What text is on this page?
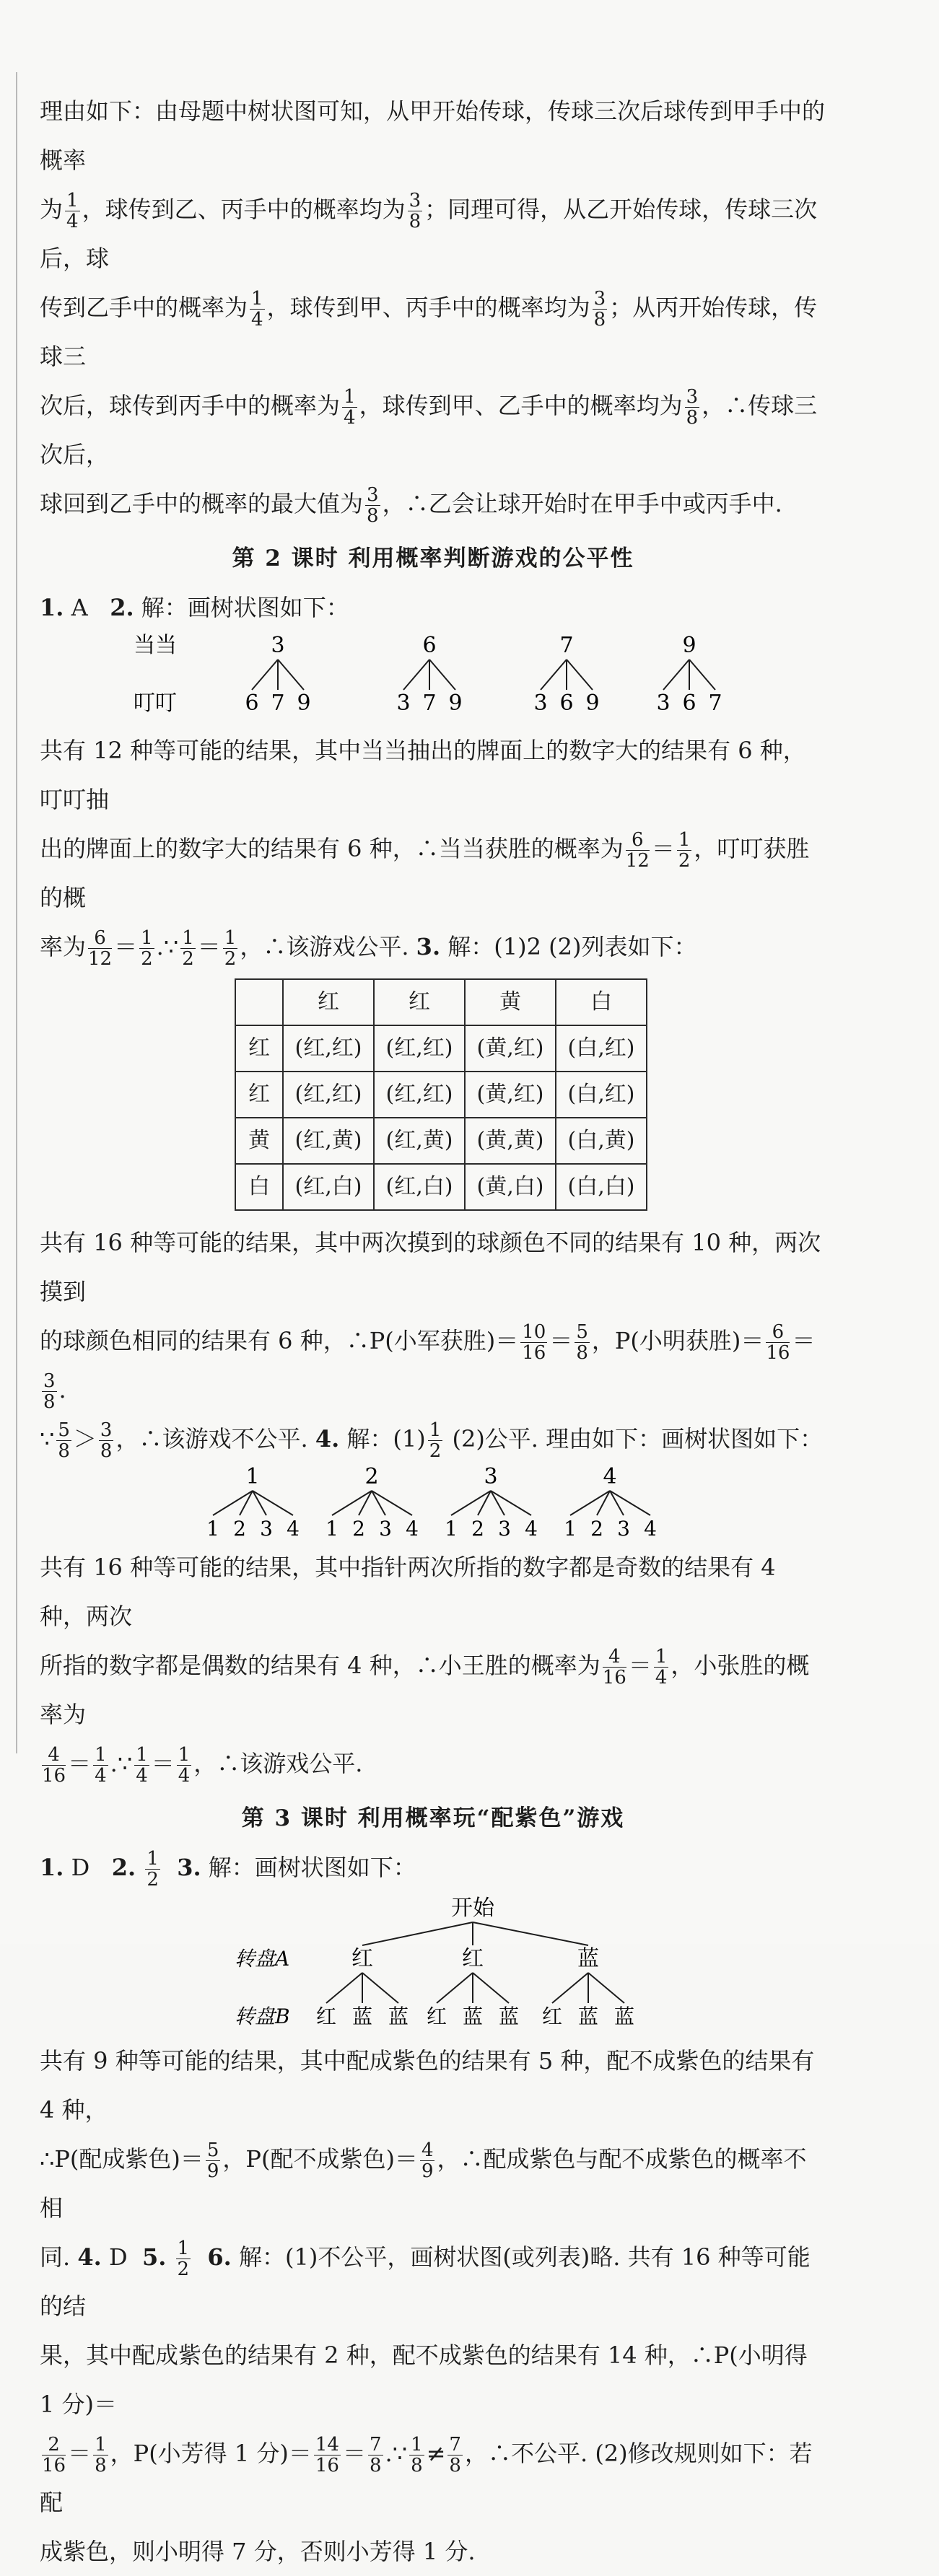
理由如下：由母题中树状图可知，从甲开始传球，传球三次后球传到甲手中的概率

为 $\frac{1}{4}$ ，球传到乙、丙手中的概率均为 $\frac{3}{8}$ ；同理可得，从乙开始传球，传球三次后，球

传到乙手中的概率为 $\frac{1}{4}$ ，球传到甲、丙手中的概率均为 $\frac{3}{8}$ ；从丙开始传球，传球三

次后，球传到丙手中的概率为 $\frac{1}{4}$ ，球传到甲、乙手中的概率均为 $\frac{3}{8}$ ，∴传球三次后，

球回到乙手中的概率的最大值为 $\frac{3}{8}$ ，∴乙会让球开始时在甲手中或丙手中.

第 2 课时 利用概率判断游戏的公平性

1. A 2. 解：画树状图如下：

当当
叮叮
3
6 7 9
6
3 7 9
7
3 6 9
9
3 6 7

共有 12 种等可能的结果，其中当当抽出的牌面上的数字大的结果有 6 种，叮叮抽

出的牌面上的数字大的结果有 6 种，∴当当获胜的概率为 $\frac{6}{12} = \frac{1}{2}$ ，叮叮获胜的概

率为 $\frac{6}{12} = \frac{1}{2}$ .∵ $\frac{1}{2} = \frac{1}{2}$ ，∴该游戏公平. 3. 解：(1)2 (2)列表如下：

	红	红	黄	白
红	(红,红)	(红,红)	(黄,红)	(白,红)
红	(红,红)	(红,红)	(黄,红)	(白,红)
黄	(红,黄)	(红,黄)	(黄,黄)	(白,黄)
白	(红,白)	(红,白)	(黄,白)	(白,白)

共有 16 种等可能的结果，其中两次摸到的球颜色不同的结果有 10 种，两次摸到

的球颜色相同的结果有 6 种，∴P(小军获胜)＝ $\frac{10}{16} = \frac{5}{8}$ ，P(小明获胜)＝ $\frac{6}{16}$ ＝
$\frac{3}{8}$ .

∵ $\frac{5}{8} > \frac{3}{8}$ ，∴该游戏不公平. 4. 解：$(1) \frac{1}{2} (2)$公平. 理由如下：画树状图如下：

1
1 2 3 4
2
1 2 3 4
3
1 2 3 4
4
1 2 3 4

共有 16 种等可能的结果，其中指针两次所指的数字都是奇数的结果有 4 种，两次

所指的数字都是偶数的结果有 4 种，∴小王胜的概率为 $\frac{4}{16} = \frac{1}{4}$ ，小张胜的概率为

$\frac{4}{16} = \frac{1}{4}$ .∵ $\frac{1}{4} = \frac{1}{4}$ ，∴该游戏公平.

第 3 课时 利用概率玩“配紫色”游戏

1. D 2. $\frac{1}{2} 3$. 解：画树状图如下：

开始
转盘A
转盘B
红
红 蓝 蓝
红
红 蓝 蓝
蓝
红 蓝 蓝

共有 9 种等可能的结果，其中配成紫色的结果有 5 种，配不成紫色的结果有 4 种，

∴P(配成紫色)＝ $\frac{5}{9}$ ，P(配不成紫色)＝ $\frac{4}{9}$ ，∴配成紫色与配不成紫色的概率不相

同. 4. D 5. $\frac{1}{2} 6$. 解：(1)不公平，画树状图(或列表)略. 共有 16 种等可能的结

果，其中配成紫色的结果有 2 种，配不成紫色的结果有 14 种，∴P(小明得 1 分)＝

$\frac{2}{16} = \frac{1}{8}$ ，P(小芳得 1 分)＝ $\frac{14}{16} = \frac{7}{8}$ .∵ $\frac{1}{8} \ne \frac{7}{8}$ ，∴不公平. (2)修改规则如下：若配

成紫色，则小明得 7 分，否则小芳得 1 分.
